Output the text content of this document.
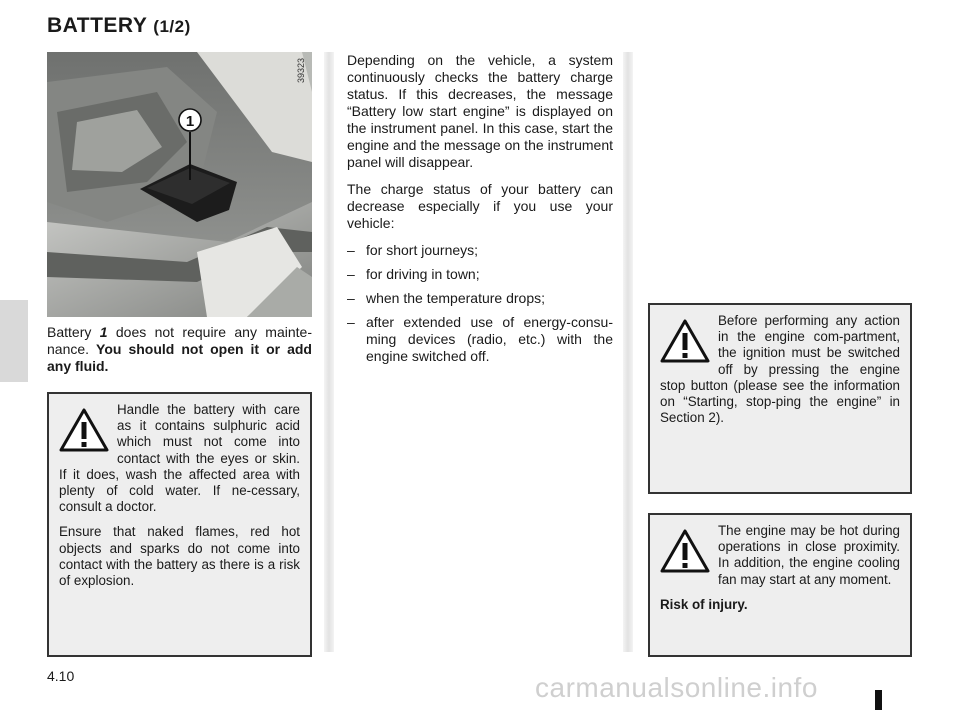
BATTERY (1/2)
1
39323
Battery 1 does not require any mainte-nance. You should not open it or add any fluid.

Handle the battery with care as it contains sulphuric acid which must not come into contact with the eyes or skin. If it does, wash the affected area with plenty of cold water. If ne-cessary, consult a doctor.

Ensure that naked flames, red hot objects and sparks do not come into contact with the battery as there is a risk of explosion.

Depending on the vehicle, a system continuously checks the battery charge status. If this decreases, the message “Battery low start engine” is displayed on the instrument panel. In this case, start the engine and the message on the instrument panel will disappear.

The charge status of your battery can decrease especially if you use your vehicle:

– for short journeys;
– for driving in town;
– when the temperature drops;
– after extended use of energy-consu-ming devices (radio, etc.) with the engine switched off.

Before performing any action in the engine com-partment, the ignition must be switched off by pressing the engine stop button (please see the information on “Starting, stop-ping the engine” in Section 2).

The engine may be hot during operations in close proximity. In addition, the engine cooling fan may start at any moment.

Risk of injury.

4.10	carmanualsonline.info
